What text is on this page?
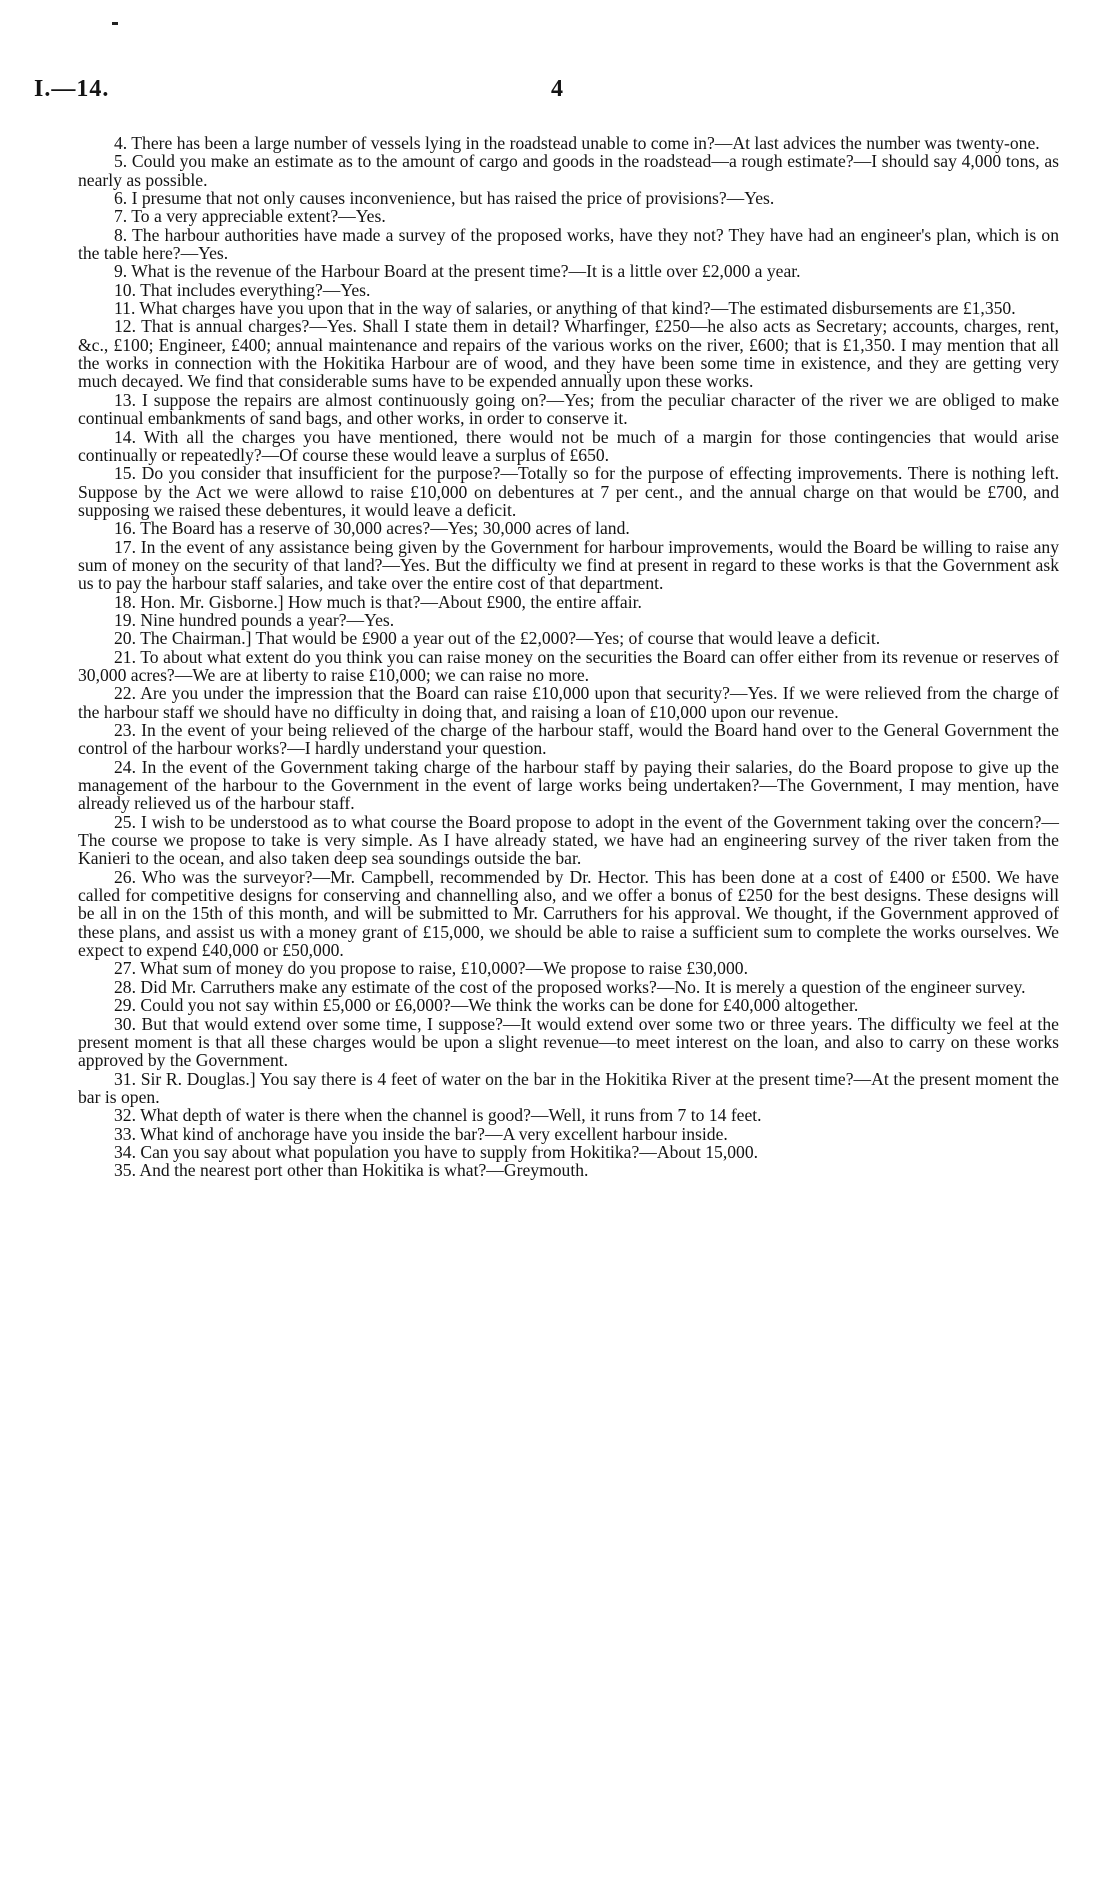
I.—14.	4

4. There has been a large number of vessels lying in the roadstead unable to come in?—At last advices the number was twenty-one.

5. Could you make an estimate as to the amount of cargo and goods in the roadstead—a rough estimate?—I should say 4,000 tons, as nearly as possible.

6. I presume that not only causes inconvenience, but has raised the price of provisions?—Yes.

7. To a very appreciable extent?—Yes.

8. The harbour authorities have made a survey of the proposed works, have they not? They have had an engineer's plan, which is on the table here?—Yes.

9. What is the revenue of the Harbour Board at the present time?—It is a little over £2,000 a year.

10. That includes everything?—Yes.

11. What charges have you upon that in the way of salaries, or anything of that kind?—The estimated disbursements are £1,350.

12. That is annual charges?—Yes. Shall I state them in detail? Wharfinger, £250—he also acts as Secretary; accounts, charges, rent, &c., £100; Engineer, £400; annual maintenance and repairs of the various works on the river, £600; that is £1,350. I may mention that all the works in connection with the Hokitika Harbour are of wood, and they have been some time in existence, and they are getting very much decayed. We find that considerable sums have to be expended annually upon these works.

13. I suppose the repairs are almost continuously going on?—Yes; from the peculiar character of the river we are obliged to make continual embankments of sand bags, and other works, in order to conserve it.

14. With all the charges you have mentioned, there would not be much of a margin for those contingencies that would arise continually or repeatedly?—Of course these would leave a surplus of £650.

15. Do you consider that insufficient for the purpose?—Totally so for the purpose of effecting improvements. There is nothing left. Suppose by the Act we were allowd to raise £10,000 on debentures at 7 per cent., and the annual charge on that would be £700, and supposing we raised these debentures, it would leave a deficit.

16. The Board has a reserve of 30,000 acres?—Yes; 30,000 acres of land.

17. In the event of any assistance being given by the Government for harbour improvements, would the Board be willing to raise any sum of money on the security of that land?—Yes. But the difficulty we find at present in regard to these works is that the Government ask us to pay the harbour staff salaries, and take over the entire cost of that department.

18. Hon. Mr. Gisborne.] How much is that?—About £900, the entire affair.

19. Nine hundred pounds a year?—Yes.

20. The Chairman.] That would be £900 a year out of the £2,000?—Yes; of course that would leave a deficit.

21. To about what extent do you think you can raise money on the securities the Board can offer either from its revenue or reserves of 30,000 acres?—We are at liberty to raise £10,000; we can raise no more.

22. Are you under the impression that the Board can raise £10,000 upon that security?—Yes. If we were relieved from the charge of the harbour staff we should have no difficulty in doing that, and raising a loan of £10,000 upon our revenue.

23. In the event of your being relieved of the charge of the harbour staff, would the Board hand over to the General Government the control of the harbour works?—I hardly understand your question.

24. In the event of the Government taking charge of the harbour staff by paying their salaries, do the Board propose to give up the management of the harbour to the Government in the event of large works being undertaken?—The Government, I may mention, have already relieved us of the harbour staff.

25. I wish to be understood as to what course the Board propose to adopt in the event of the Government taking over the concern?—The course we propose to take is very simple. As I have already stated, we have had an engineering survey of the river taken from the Kanieri to the ocean, and also taken deep sea soundings outside the bar.

26. Who was the surveyor?—Mr. Campbell, recommended by Dr. Hector. This has been done at a cost of £400 or £500. We have called for competitive designs for conserving and channelling also, and we offer a bonus of £250 for the best designs. These designs will be all in on the 15th of this month, and will be submitted to Mr. Carruthers for his approval. We thought, if the Government approved of these plans, and assist us with a money grant of £15,000, we should be able to raise a sufficient sum to complete the works ourselves. We expect to expend £40,000 or £50,000.

27. What sum of money do you propose to raise, £10,000?—We propose to raise £30,000.

28. Did Mr. Carruthers make any estimate of the cost of the proposed works?—No. It is merely a question of the engineer survey.

29. Could you not say within £5,000 or £6,000?—We think the works can be done for £40,000 altogether.

30. But that would extend over some time, I suppose?—It would extend over some two or three years. The difficulty we feel at the present moment is that all these charges would be upon a slight revenue—to meet interest on the loan, and also to carry on these works approved by the Government.

31. Sir R. Douglas.] You say there is 4 feet of water on the bar in the Hokitika River at the present time?—At the present moment the bar is open.

32. What depth of water is there when the channel is good?—Well, it runs from 7 to 14 feet.

33. What kind of anchorage have you inside the bar?—A very excellent harbour inside.

34. Can you say about what population you have to supply from Hokitika?—About 15,000.

35. And the nearest port other than Hokitika is what?—Greymouth.
